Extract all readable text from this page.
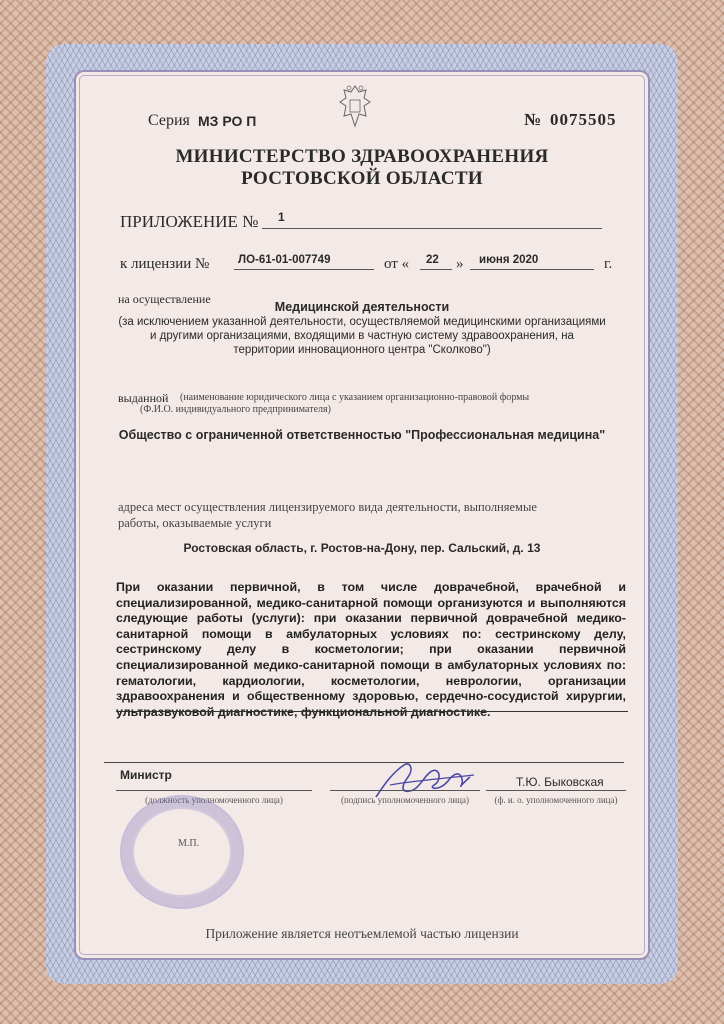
Серия МЗ РО П	№ 0075505
МИНИСТЕРСТВО ЗДРАВООХРАНЕНИЯ
РОСТОВСКОЙ ОБЛАСТИ
ПРИЛОЖЕНИЕ № 1
к лицензии № ЛО-61-01-007749	от « 22 » июня 2020	г.
на осуществление
Медицинской деятельности
(за исключением указанной деятельности, осуществляемой медицинскими организациями
и другими организациями, входящими в частную систему здравоохранения, на
территории инновационного центра "Сколково")
выданной (наименование юридического лица с указанием организационно-правовой формы
(Ф.И.О. индивидуального предпринимателя)
Общество с ограниченной ответственностью "Профессиональная медицина"
адреса мест осуществления лицензируемого вида деятельности, выполняемые
работы, оказываемые услуги
Ростовская область, г. Ростов-на-Дону, пер. Сальский, д. 13
При оказании первичной, в том числе доврачебной, врачебной и специализированной, медико-санитарной помощи организуются и выполняются следующие работы (услуги): при оказании первичной доврачебной медико-санитарной помощи в амбулаторных условиях по: сестринскому делу, сестринскому делу в косметологии; при оказании первичной специализированной медико-санитарной помощи в амбулаторных условиях по: гематологии, кардиологии, косметологии, неврологии, организации здравоохранения и общественному здоровью, сердечно-сосудистой хирургии, ультразвуковой диагностике, функциональной диагностике.
Министр
(должность уполномоченного лица)	(подпись уполномоченного лица)
Т.Ю. Быковская
(ф. и. о. уполномоченного лица)
М.П.
Приложение является неотъемлемой частью лицензии
